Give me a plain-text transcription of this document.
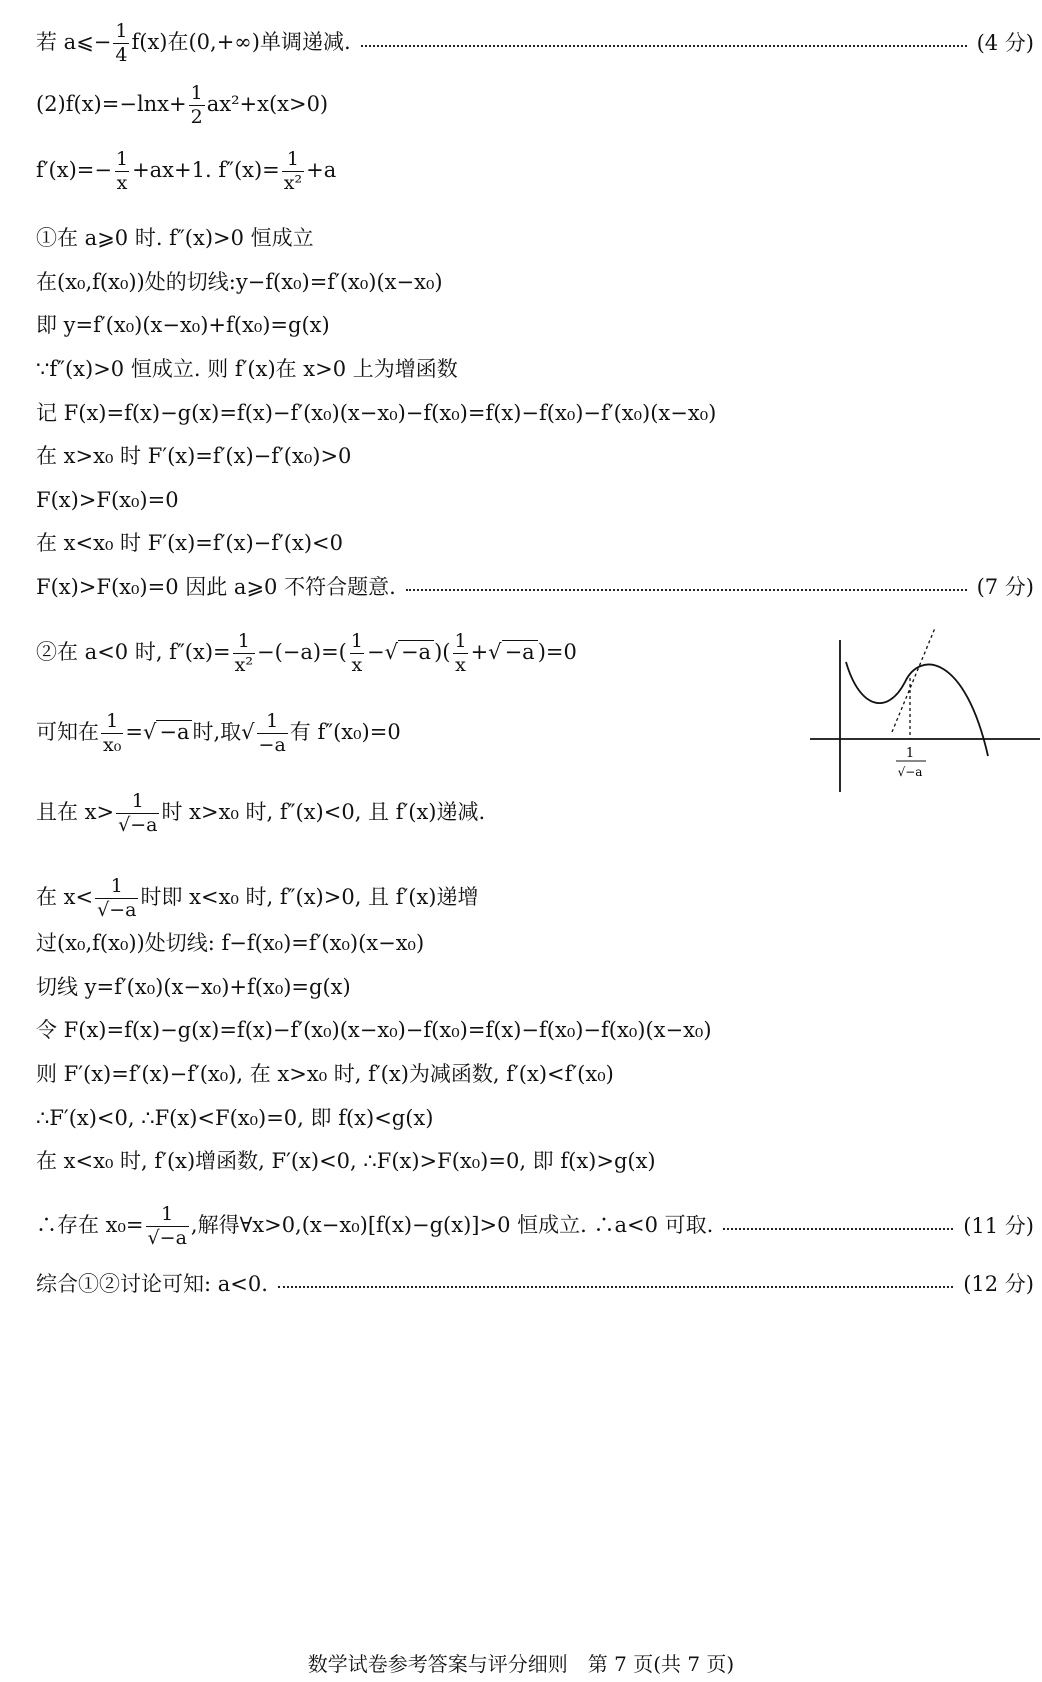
若 a⩽− $\frac{1}{4} f(x)$在(0,+∞)单调递减.	(4 分)
$(2)f(x)=-\ln x+ \frac{1}{2} ax^2+x(x>0)$
$f'(x)=- \frac{1}{x} +ax+1$. $f''(x)= \frac{1}{\text{x²}} +a$
①在 a⩾0 时. f″(x)>0 恒成立
在(x₀,f(x₀))处的切线:y−f(x₀)=f′(x₀)(x−x₀)
即 y=f′(x₀)(x−x₀)+f(x₀)=g(x)
∵f″(x)>0 恒成立. 则 f′(x)在 x>0 上为增函数
记 F(x)=f(x)−g(x)=f(x)−f′(x₀)(x−x₀)−f(x₀)=f(x)−f(x₀)−f′(x₀)(x−x₀)
在 x>x₀ 时 F′(x)=f′(x)−f′(x₀)>0
F(x)>F(x₀)=0
在 x<x₀ 时 F′(x)=f′(x)−f′(x)<0
F(x)>F(x₀)=0 因此 a⩾0 不符合题意.	(7 分)
②在 a<0 时, $f''(x)= \frac{1}{\text{x²}} -(-a)=( \frac{1}{x}$ −√ −a )( $\frac{1}{x}$ +√ −a )=0
可知在 $\frac{1}{\text{x₀}}$ =√ −a 时,取√ $\frac{1}{-a}$ 有 f″(x₀)=0
且在 $x> \frac{1}{√-a}$ 时 x>x₀ 时, f″(x)<0, 且 f′(x)递减.
在 $x< \frac{1}{√-a}$ 时即 x<x₀ 时, f″(x)>0, 且 f′(x)递增
过(x₀,f(x₀))处切线: f−f(x₀)=f′(x₀)(x−x₀)
切线 y=f′(x₀)(x−x₀)+f(x₀)=g(x)
令 F(x)=f(x)−g(x)=f(x)−f′(x₀)(x−x₀)−f(x₀)=f(x)−f(x₀)−f(x₀)(x−x₀)
则 F′(x)=f′(x)−f′(x₀), 在 x>x₀ 时, f′(x)为减函数, f′(x)<f′(x₀)
∴F′(x)<0, ∴F(x)<F(x₀)=0, 即 f(x)<g(x)
在 x<x₀ 时, f′(x)增函数, F′(x)<0, ∴F(x)>F(x₀)=0, 即 f(x)>g(x)
∴存在 $x_0= \frac{1}{√-a}$ ,解得∀x>0,(x−x₀)[f(x)−g(x)]>0 恒成立. ∴a<0 可取.	(11 分)
综合①②讨论可知: a<0.	(12 分)
1
√−a
数学试卷参考答案与评分细则　第 7 页(共 7 页)
